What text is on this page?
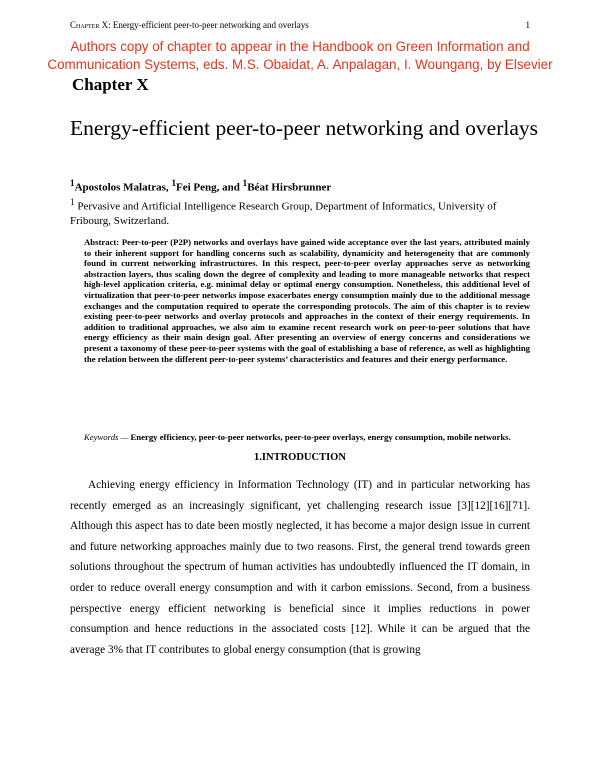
Chapter X: Energy-efficient peer-to-peer networking and overlays	1
Authors copy of chapter to appear in the Handbook on Green Information and
Communication Systems, eds. M.S. Obaidat, A. Anpalagan, I. Woungang, by Elsevier
Chapter X
Energy-efficient peer-to-peer networking and overlays
$^1$Apostolos Malatras, $^1$Fei Peng, and $^1$Béat Hirsbrunner
$^1$ Pervasive and Artificial Intelligence Research Group, Department of Informatics, University of Fribourg, Switzerland.
Abstract: Peer-to-peer (P2P) networks and overlays have gained wide acceptance over the last years, attributed mainly to their inherent support for handling concerns such as scalability, dynamicity and heterogeneity that are commonly found in current networking infrastructures. In this respect, peer-to-peer overlay approaches serve as networking abstraction layers, thus scaling down the degree of complexity and leading to more manageable networks that respect high-level application criteria, e.g. minimal delay or optimal energy consumption. Nonetheless, this additional level of virtualization that peer-to-peer networks impose exacerbates energy consumption mainly due to the additional message exchanges and the computation required to operate the corresponding protocols. The aim of this chapter is to review existing peer-to-peer networks and overlay protocols and approaches in the context of their energy requirements. In addition to traditional approaches, we also aim to examine recent research work on peer-to-peer solutions that have energy efficiency as their main design goal. After presenting an overview of energy concerns and considerations we present a taxonomy of these peer-to-peer systems with the goal of establishing a base of reference, as well as highlighting the relation between the different peer-to-peer systems’ characteristics and features and their energy performance.
Keywords — Energy efficiency, peer-to-peer networks, peer-to-peer overlays, energy consumption, mobile networks.
1.INTRODUCTION
Achieving energy efficiency in Information Technology (IT) and in particular networking has recently emerged as an increasingly significant, yet challenging research issue [3][12][16][71]. Although this aspect has to date been mostly neglected, it has become a major design issue in current and future networking approaches mainly due to two reasons. First, the general trend towards green solutions throughout the spectrum of human activities has undoubtedly influenced the IT domain, in order to reduce overall energy consumption and with it carbon emissions. Second, from a business perspective energy efficient networking is beneficial since it implies reductions in power consumption and hence reductions in the associated costs [12]. While it can be argued that the average 3% that IT contributes to global energy consumption (that is growing
